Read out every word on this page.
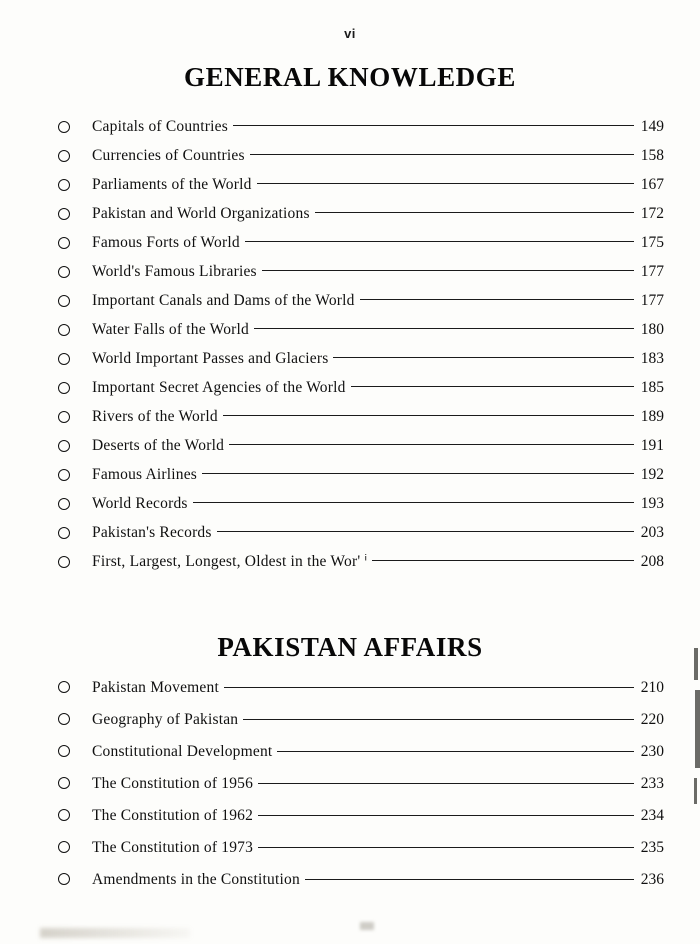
vi
GENERAL KNOWLEDGE
Capitals of Countries	149
Currencies of Countries	158
Parliaments of the World	167
Pakistan and World Organizations	172
Famous Forts of World	175
World's Famous Libraries	177
Important Canals and Dams of the World	177
Water Falls of the World	180
World Important Passes and Glaciers	183
Important Secret Agencies of the World	185
Rivers of the World	189
Deserts of the World	191
Famous Airlines	192
World Records	193
Pakistan's Records	203
First, Largest, Longest, Oldest in the Wor' ⁱ	208
PAKISTAN AFFAIRS
Pakistan Movement	210
Geography of Pakistan	220
Constitutional Development	230
The Constitution of 1956	233
The Constitution of 1962	234
The Constitution of 1973	235
Amendments in the Constitution	236
